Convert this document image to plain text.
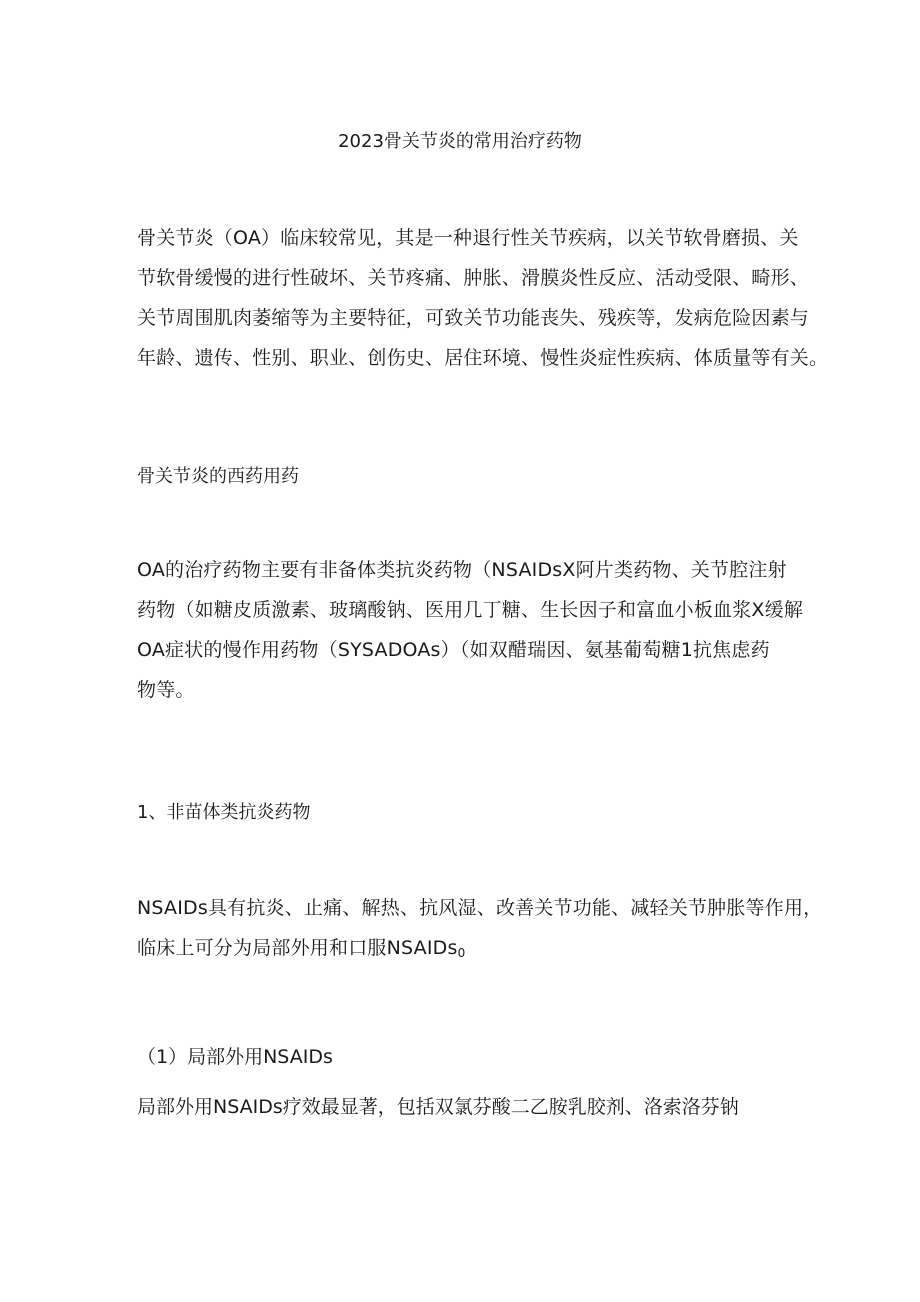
2023骨关节炎的常用治疗药物
骨关节炎（OA）临床较常见，其是一种退行性关节疾病，以关节软骨磨损、关
节软骨缓慢的进行性破坏、关节疼痛、肿胀、滑膜炎性反应、活动受限、畸形、
关节周围肌肉萎缩等为主要特征，可致关节功能丧失、残疾等，发病危险因素与
年龄、遗传、性别、职业、创伤史、居住环境、慢性炎症性疾病、体质量等有关。
骨关节炎的西药用药
OA的治疗药物主要有非备体类抗炎药物（NSAIDsX阿片类药物、关节腔注射
药物（如糖皮质激素、玻璃酸钠、医用几丁糖、生长因子和富血小板血浆X缓解
OA症状的慢作用药物（SYSADOAs）（如双醋瑞因、氨基葡萄糖1抗焦虑药
物等。
1、非苗体类抗炎药物
NSAIDs具有抗炎、止痛、解热、抗风湿、改善关节功能、减轻关节肿胀等作用，
临床上可分为局部外用和口服NSAIDs$_0$
（1）局部外用NSAIDs
局部外用NSAIDs疗效最显著，包括双氯芬酸二乙胺乳胶剂、洛索洛芬钠
